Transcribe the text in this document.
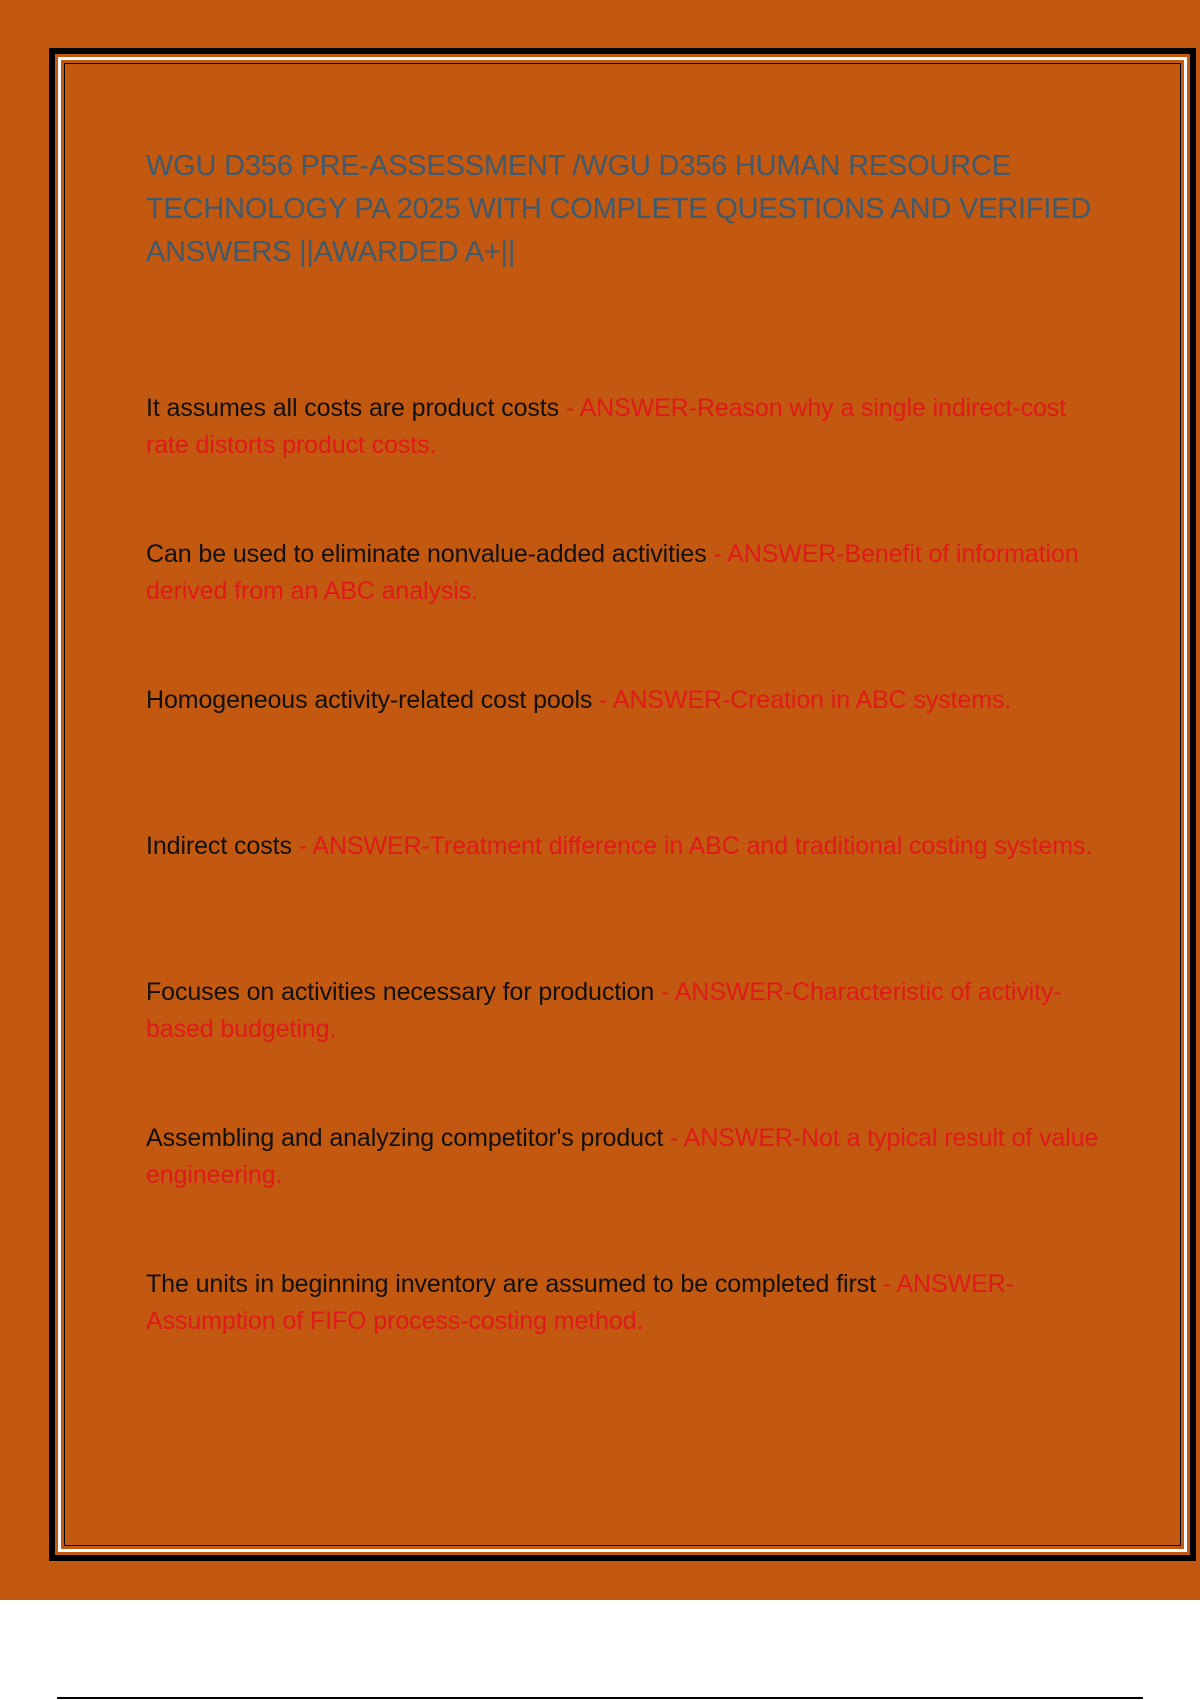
WGU D356 PRE-ASSESSMENT /WGU D356 HUMAN RESOURCE TECHNOLOGY PA 2025 WITH COMPLETE QUESTIONS AND VERIFIED ANSWERS ||AWARDED A+||
It assumes all costs are product costs - ANSWER-Reason why a single indirect-cost rate distorts product costs.
Can be used to eliminate nonvalue-added activities - ANSWER-Benefit of information derived from an ABC analysis.
Homogeneous activity-related cost pools - ANSWER-Creation in ABC systems.
Indirect costs - ANSWER-Treatment difference in ABC and traditional costing systems.
Focuses on activities necessary for production - ANSWER-Characteristic of activity-based budgeting.
Assembling and analyzing competitor's product - ANSWER-Not a typical result of value engineering.
The units in beginning inventory are assumed to be completed first - ANSWER-Assumption of FIFO process-costing method.
